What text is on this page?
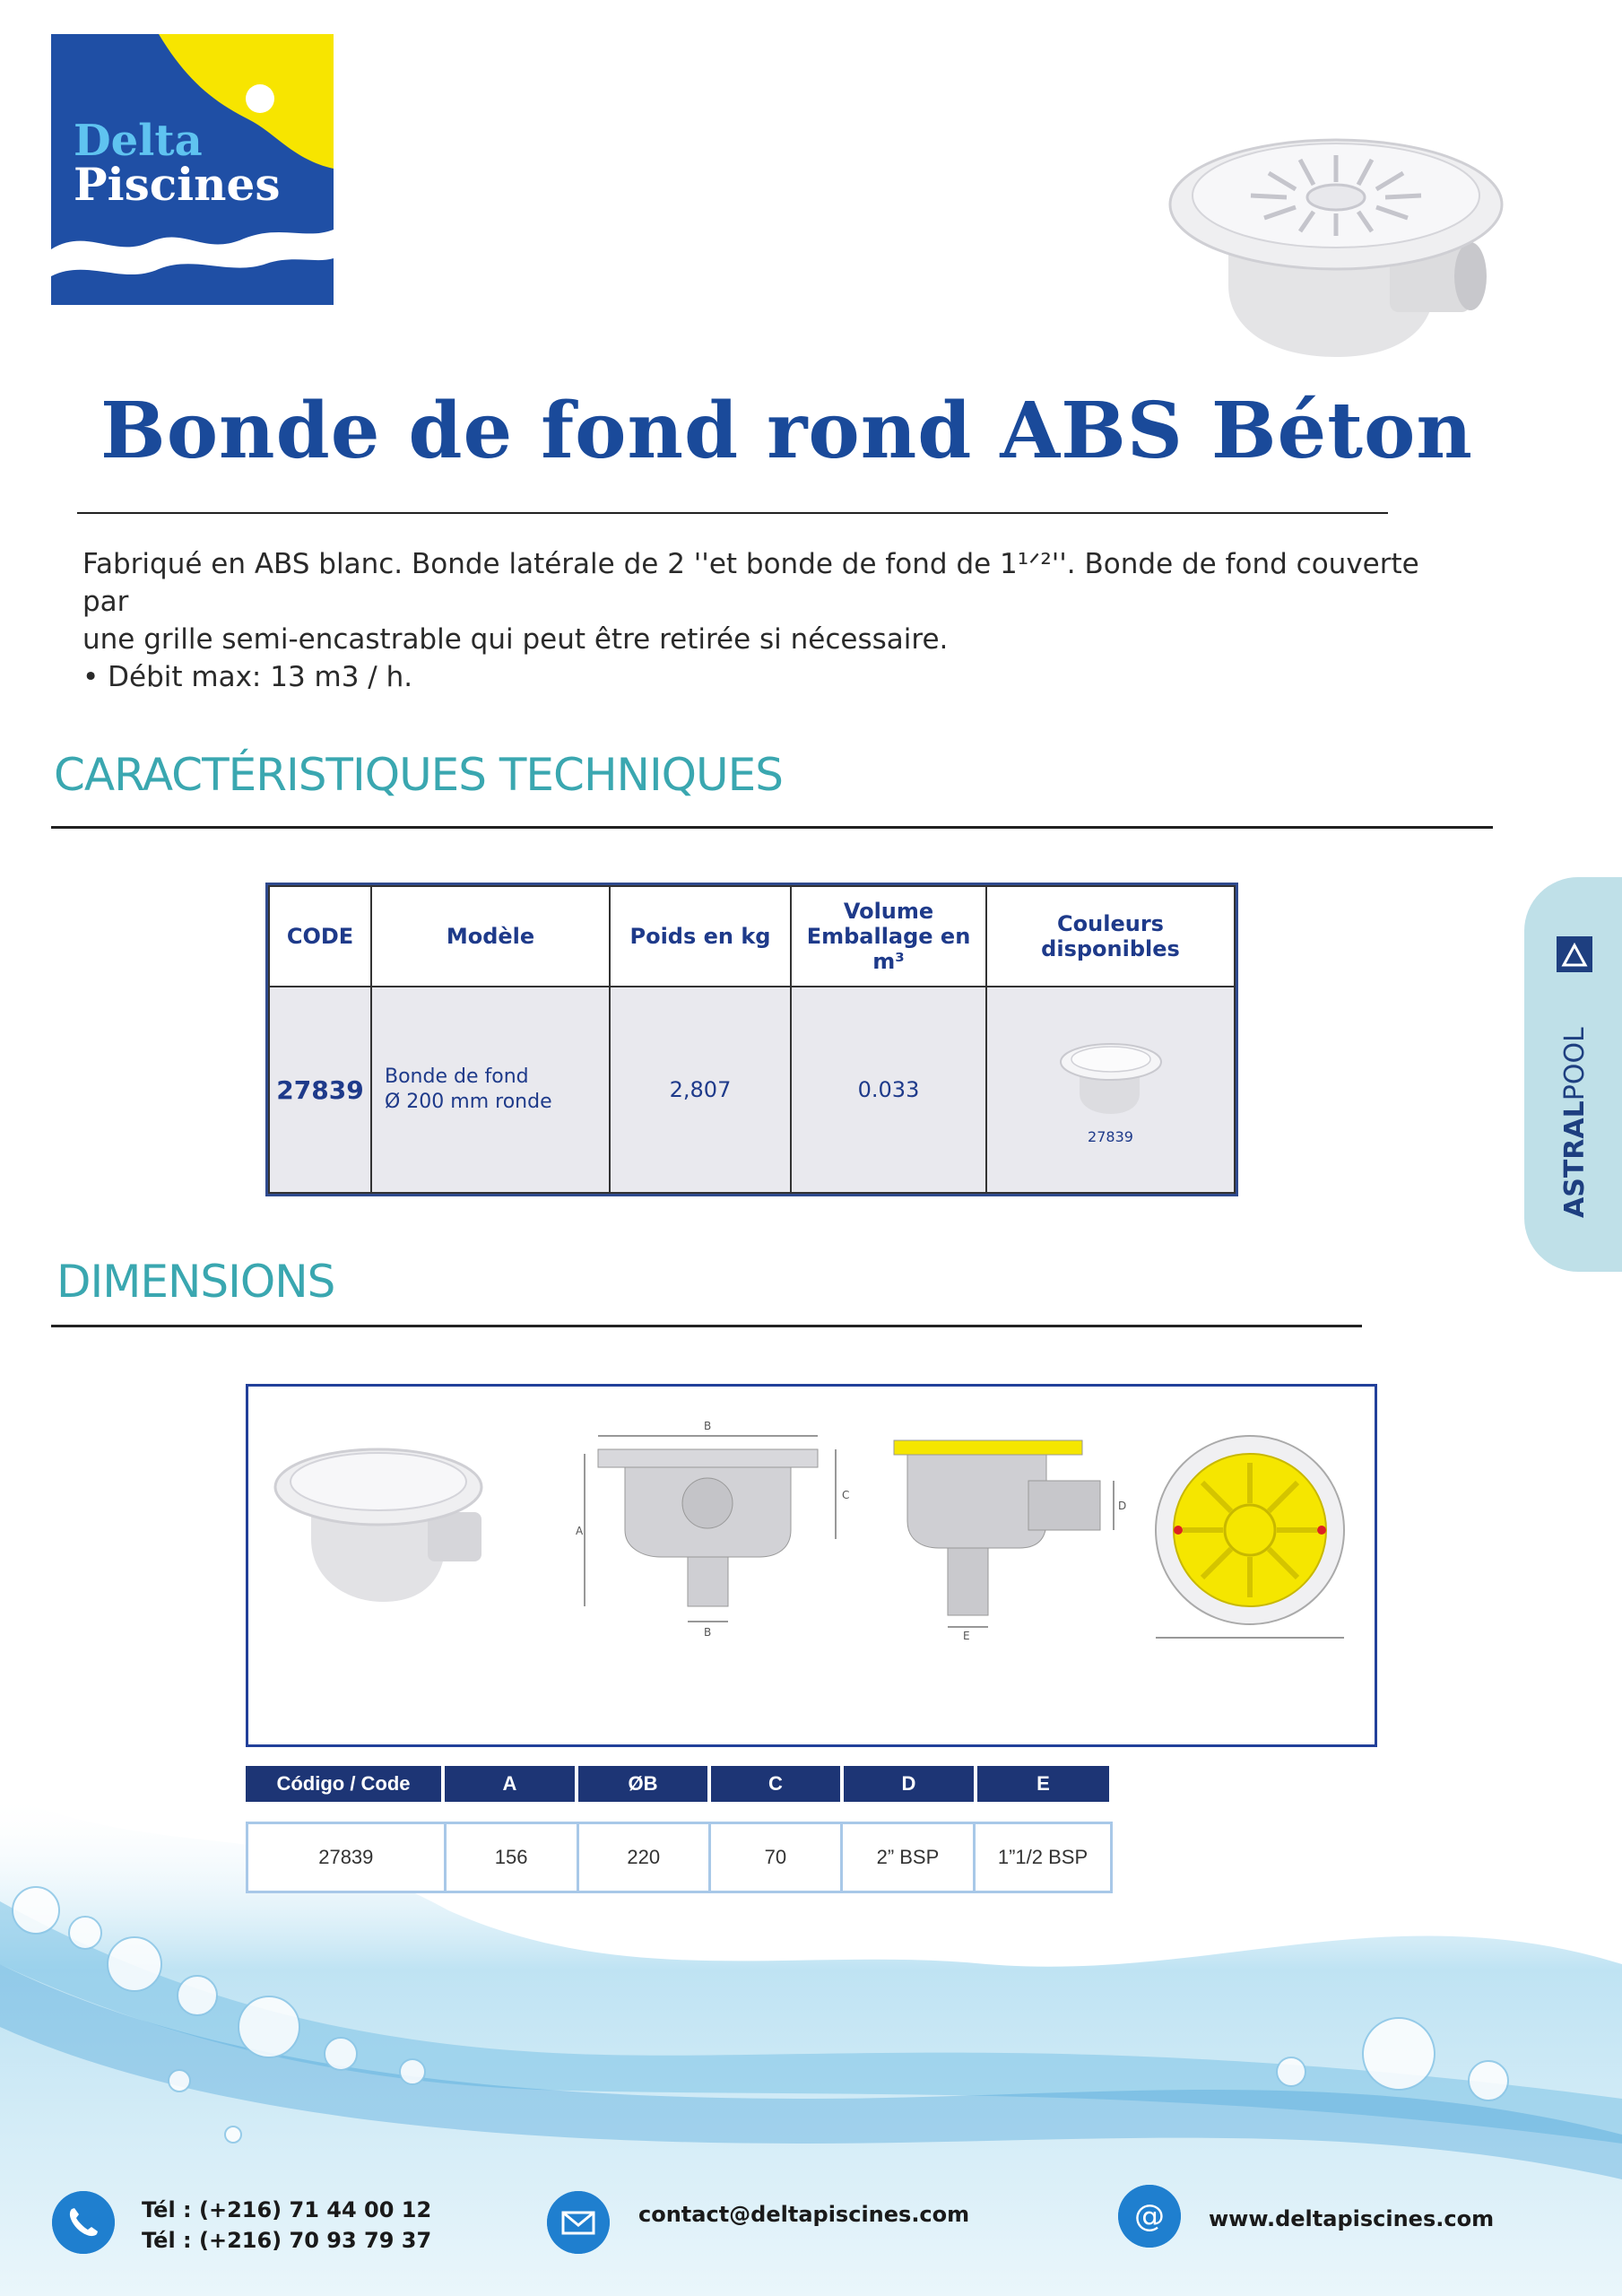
Delta
Piscines
Bonde de fond rond ABS Béton

Fabriqué en ABS blanc. Bonde latérale de 2 ''et bonde de fond de 1¹ᐟ²''. Bonde de fond couverte par

une grille semi-encastrable qui peut être retirée si nécessaire.

• Débit max: 13 m3 / h.

CARACTÉRISTIQUES TECHNIQUES
CODE	Modèle	Poids en kg	Volume Emballage en m³	Couleurs disponibles
27839	Bonde de fond
Ø 200 mm ronde	2,807	0.033	27839
DIMENSIONS
A
B
B
C
D
E
ASTRALPOOL
Código / Code	A	ØB	C	D	E
27839	156	220	70	2” BSP	1”1/2 BSP
Tél : (+216) 71 44 00 12
Tél : (+216) 70 93 79 37
contact@deltapiscines.com	@ www.deltapiscines.com
